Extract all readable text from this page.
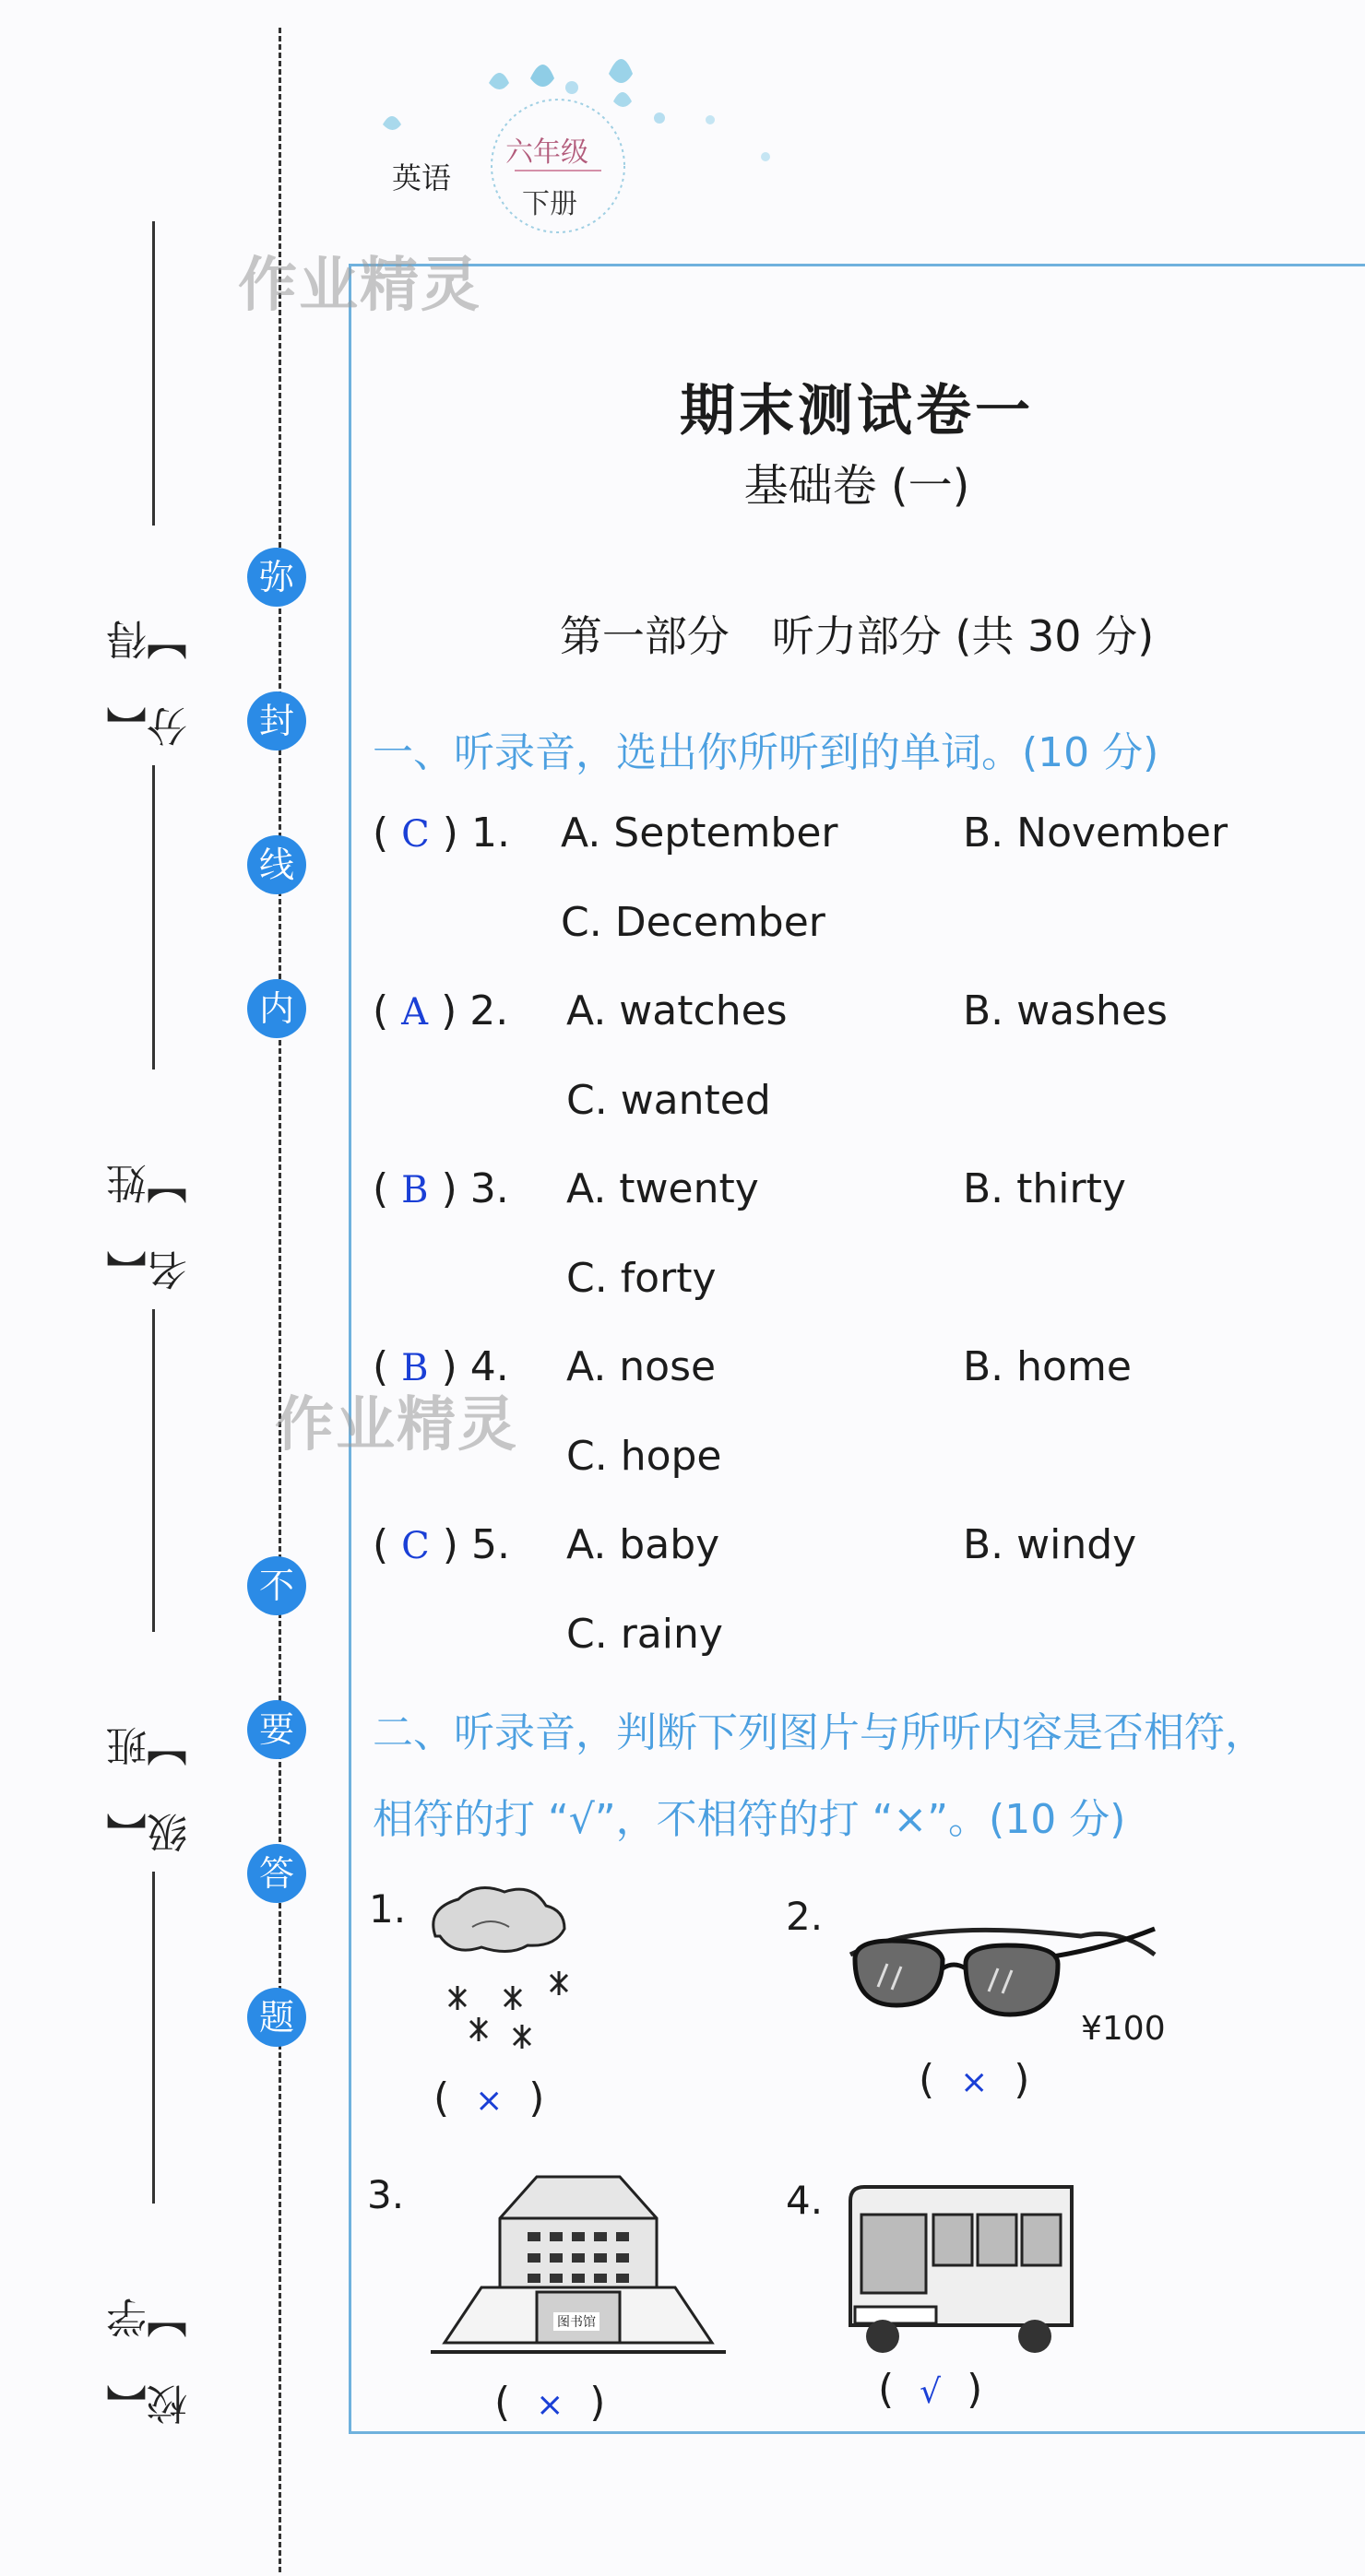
英语
六年级
下册
【 得 分 】
【 姓 名 】
【 班 级 】
【 学 校 】
弥
封
线
内
不
要
答
题
作业精灵
作业精灵
期末测试卷一
基础卷 (一)
第一部分　听力部分 (共 30 分)
一、听录音，选出你所听到的单词。(10 分)
( C ) 1. A. September	B. November
C. December
( A ) 2. A. watches	B. washes
C. wanted
( B ) 3. A. twenty	B. thirty
C. forty
( B ) 4. A. nose	B. home
C. hope
( C ) 5. A. baby	B. windy
C. rainy
二、听录音，判断下列图片与所听内容是否相符，
相符的打 “√”，不相符的打 “×”。(10 分)
1.
(  ×  )
2.
¥100
(  ×  )
3.
图书馆
(  ×  )
4.
(  √  )
